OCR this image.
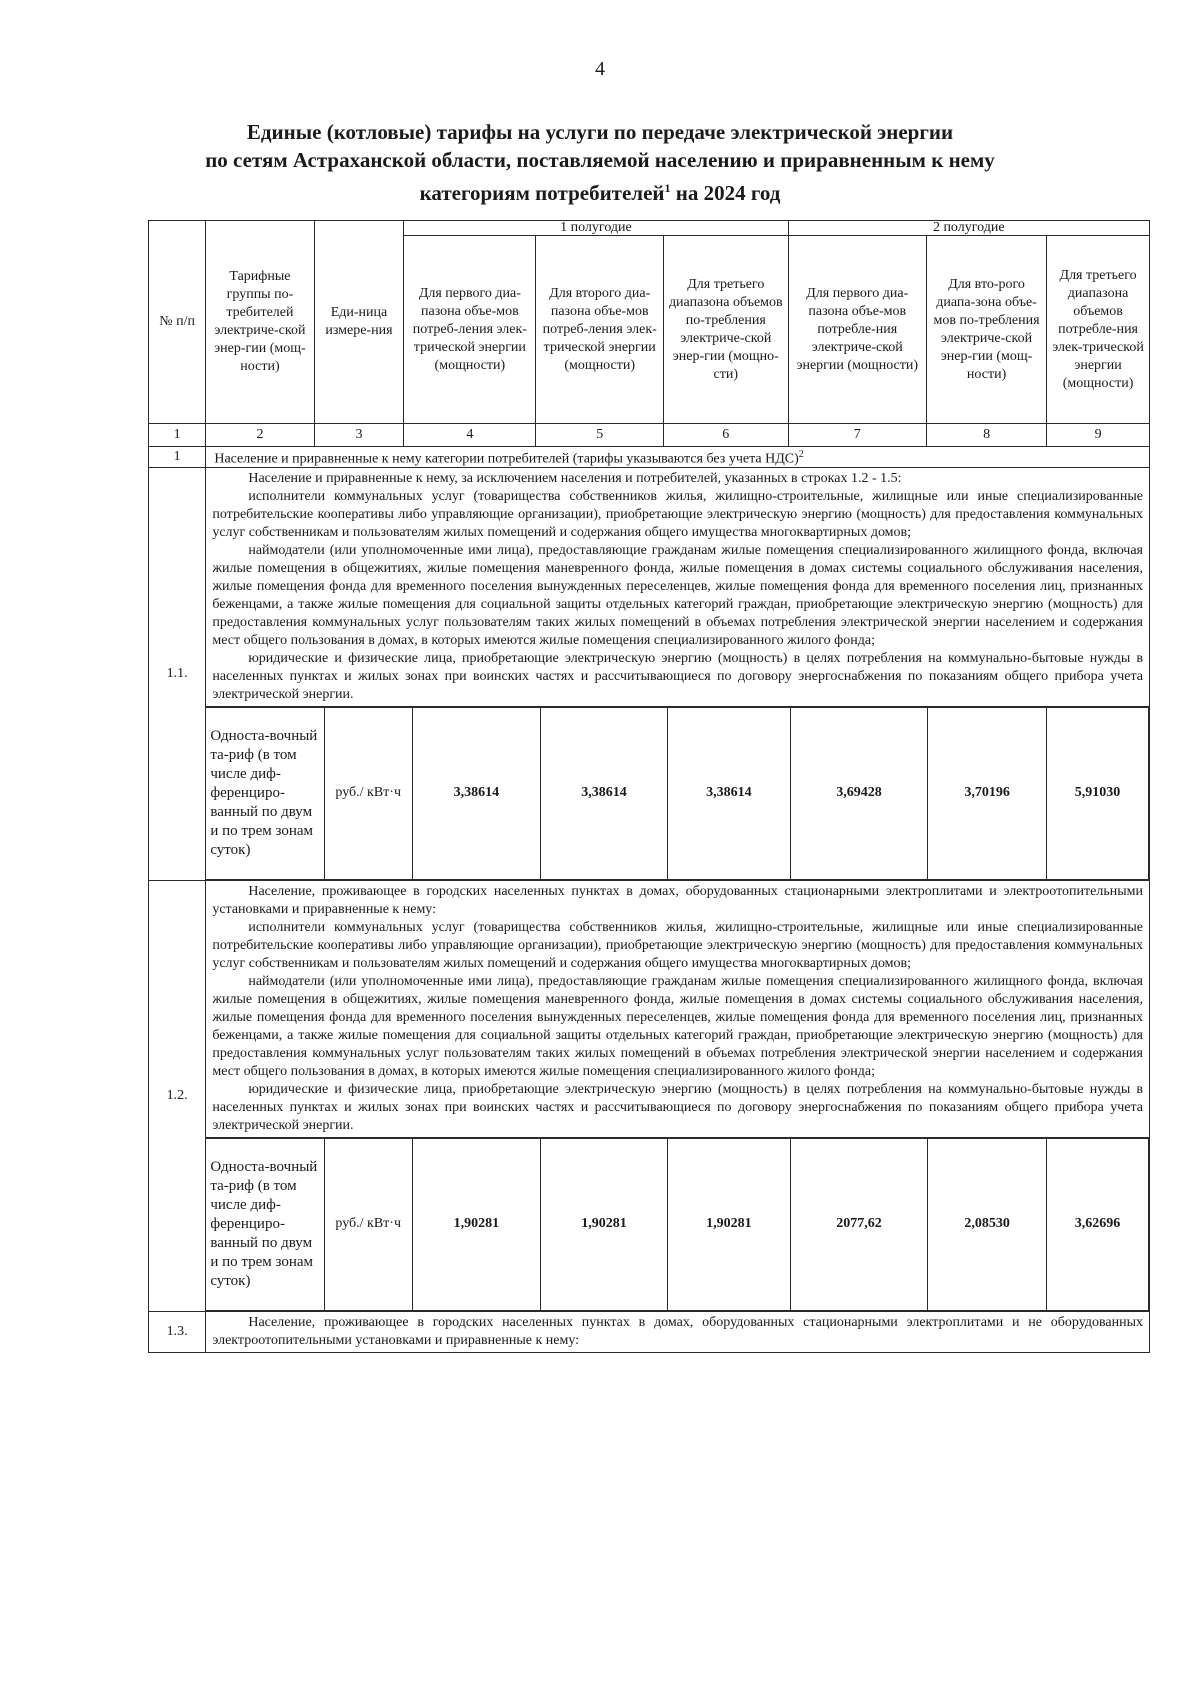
4
Единые (котловые) тарифы на услуги по передаче электрической энергии
по сетям Астраханской области, поставляемой населению и приравненным к нему
категориям потребителей$^1$ на 2024 год
№ п/п	Тарифные группы по-требителей электриче-ской энер-гии (мощ-ности)	Еди-ница измере-ния	1 полугодие	2 полугодие
Для первого диа-пазона объе-мов потреб-ления элек-трической энергии (мощности)	Для второго диа-пазона объе-мов потреб-ления элек-трической энергии (мощности)	Для третьего диапазона объемов по-требления электриче-ской энер-гии (мощно-сти)	Для первого диа-пазона объе-мов потребле-ния электриче-ской энергии (мощности)	Для вто-рого диапа-зона объе-мов по-требления электриче-ской энер-гии (мощ-ности)	Для третьего диапазона объемов потребле-ния элек-трической энергии (мощности)
1	2	3	4	5	6	7	8	9
1	Население и приравненные к нему категории потребителей (тарифы указываются без учета НДС)$^2$
1.1.	

Население и приравненные к нему, за исключением населения и потребителей, указанных в строках 1.2 - 1.5:

исполнители коммунальных услуг (товарищества собственников жилья, жилищно-строительные, жилищные или иные специализированные потребительские кооперативы либо управляющие организации), приобретающие электрическую энергию (мощность) для предоставления коммунальных услуг собственникам и пользователям жилых помещений и содержания общего имущества многоквартирных домов;

наймодатели (или уполномоченные ими лица), предоставляющие гражданам жилые помещения специализированного жилищного фонда, включая жилые помещения в общежитиях, жилые помещения маневренного фонда, жилые помещения в домах системы социального обслуживания населения, жилые помещения фонда для временного поселения вынужденных переселенцев, жилые помещения фонда для временного поселения лиц, признанных беженцами, а также жилые помещения для социальной защиты отдельных категорий граждан, приобретающие электрическую энергию (мощность) для предоставления коммунальных услуг пользователям таких жилых помещений в объемах потребления электрической энергии населением и содержания мест общего пользования в домах, в которых имеются жилые помещения специализированного жилого фонда;

юридические и физические лица, приобретающие электрическую энергию (мощность) в целях потребления на коммунально-бытовые нужды в населенных пунктах и жилых зонах при воинских частях и рассчитывающиеся по договору энергоснабжения по показаниям общего прибора учета электрической энергии.

Односта-вочный та-риф (в том числе диф-ференциро-ванный по двум и по трем зонам суток)	руб./ кВт·ч	3,38614	3,38614	3,38614	3,69428	3,70196	5,91030

1.2.	

Население, проживающее в городских населенных пунктах в домах, оборудованных стационарными электроплитами и электроотопительными установками и приравненные к нему:

исполнители коммунальных услуг (товарищества собственников жилья, жилищно-строительные, жилищные или иные специализированные потребительские кооперативы либо управляющие организации), приобретающие электрическую энергию (мощность) для предоставления коммунальных услуг собственникам и пользователям жилых помещений и содержания общего имущества многоквартирных домов;

наймодатели (или уполномоченные ими лица), предоставляющие гражданам жилые помещения специализированного жилищного фонда, включая жилые помещения в общежитиях, жилые помещения маневренного фонда, жилые помещения в домах системы социального обслуживания населения, жилые помещения фонда для временного поселения вынужденных переселенцев, жилые помещения фонда для временного поселения лиц, признанных беженцами, а также жилые помещения для социальной защиты отдельных категорий граждан, приобретающие электрическую энергию (мощность) для предоставления коммунальных услуг пользователям таких жилых помещений в объемах потребления электрической энергии населением и содержания мест общего пользования в домах, в которых имеются жилые помещения специализированного жилого фонда;

юридические и физические лица, приобретающие электрическую энергию (мощность) в целях потребления на коммунально-бытовые нужды в населенных пунктах и жилых зонах при воинских частях и рассчитывающиеся по договору энергоснабжения по показаниям общего прибора учета электрической энергии.

Односта-вочный та-риф (в том числе диф-ференциро-ванный по двум и по трем зонам суток)	руб./ кВт·ч	1,90281	1,90281	1,90281	2077,62	2,08530	3,62696

1.3.	

Население, проживающее в городских населенных пунктах в домах, оборудованных стационарными электроплитами и не оборудованных электроотопительными установками и приравненные к нему:
